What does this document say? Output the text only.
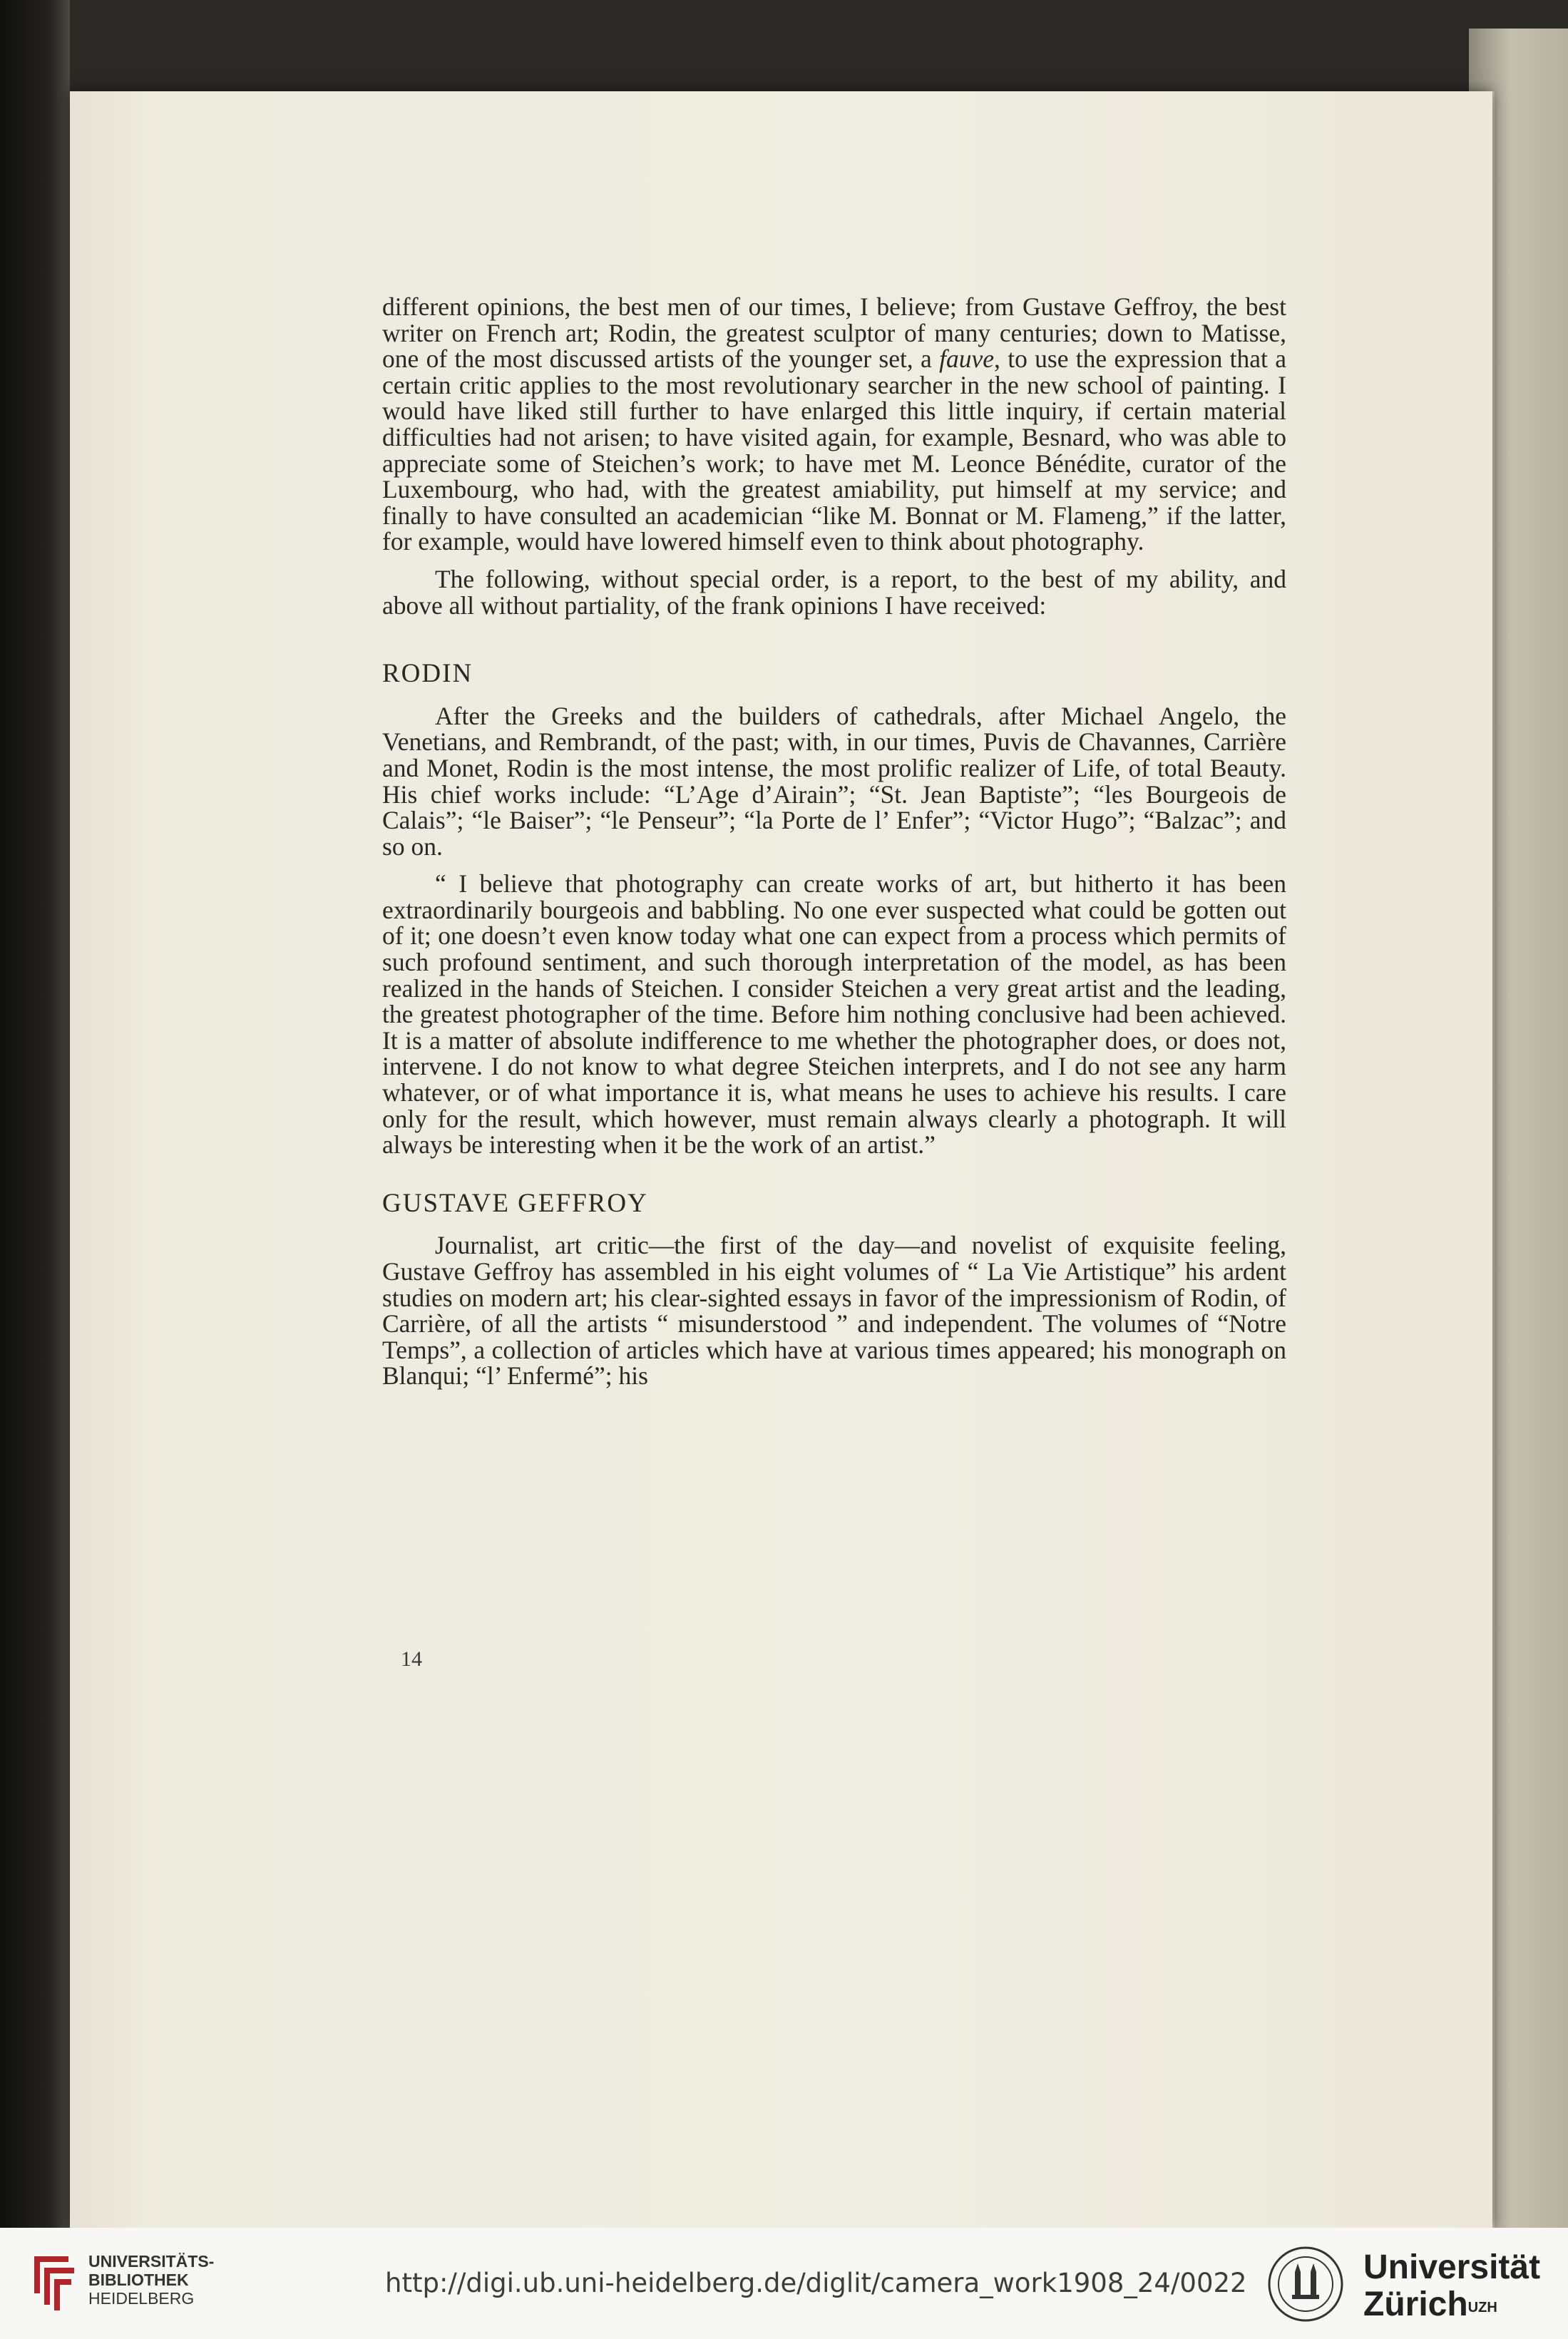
different opinions, the best men of our times, I believe; from Gustave Geffroy, the best writer on French art; Rodin, the greatest sculptor of many centuries; down to Matisse, one of the most discussed artists of the younger set, a fauve, to use the expression that a certain critic applies to the most revolutionary searcher in the new school of painting. I would have liked still further to have enlarged this little inquiry, if certain material difficulties had not arisen; to have visited again, for example, Besnard, who was able to appreciate some of Steichen’s work; to have met M. Leonce Bénédite, curator of the Luxembourg, who had, with the greatest amiability, put himself at my service; and finally to have consulted an academician “like M. Bonnat or M. Flameng,” if the latter, for example, would have lowered himself even to think about photography.

The following, without special order, is a report, to the best of my ability, and above all without partiality, of the frank opinions I have received:

RODIN

After the Greeks and the builders of cathedrals, after Michael Angelo, the Venetians, and Rembrandt, of the past; with, in our times, Puvis de Chavannes, Carrière and Monet, Rodin is the most intense, the most prolific realizer of Life, of total Beauty. His chief works include: “L’Age d’Airain”; “St. Jean Baptiste”; “les Bourgeois de Calais”; “le Baiser”; “le Penseur”; “la Porte de l’ Enfer”; “Victor Hugo”; “Balzac”; and so on.

“ I believe that photography can create works of art, but hitherto it has been extraordinarily bourgeois and babbling. No one ever suspected what could be gotten out of it; one doesn’t even know today what one can expect from a process which permits of such profound sentiment, and such thorough interpretation of the model, as has been realized in the hands of Steichen. I consider Steichen a very great artist and the leading, the greatest photographer of the time. Before him nothing conclusive had been achieved. It is a matter of absolute indifference to me whether the photographer does, or does not, intervene. I do not know to what degree Steichen interprets, and I do not see any harm whatever, or of what importance it is, what means he uses to achieve his results. I care only for the result, which however, must remain always clearly a photograph. It will always be interesting when it be the work of an artist.”

GUSTAVE GEFFROY

Journalist, art critic—the first of the day—and novelist of exquisite feeling, Gustave Geffroy has assembled in his eight volumes of “ La Vie Artistique” his ardent studies on modern art; his clear-sighted essays in favor of the impressionism of Rodin, of Carrière, of all the artists “ misunderstood ” and independent. The volumes of “Notre Temps”, a collection of articles which have at various times appeared; his monograph on Blanqui; “l’ Enfermé”; his

14
UNIVERSITÄTS-
BIBLIOTHEK
HEIDELBERG	http://digi.ub.uni-heidelberg.de/diglit/camera_work1908_24/0022	Universität
Zürich$^{UZH}$
